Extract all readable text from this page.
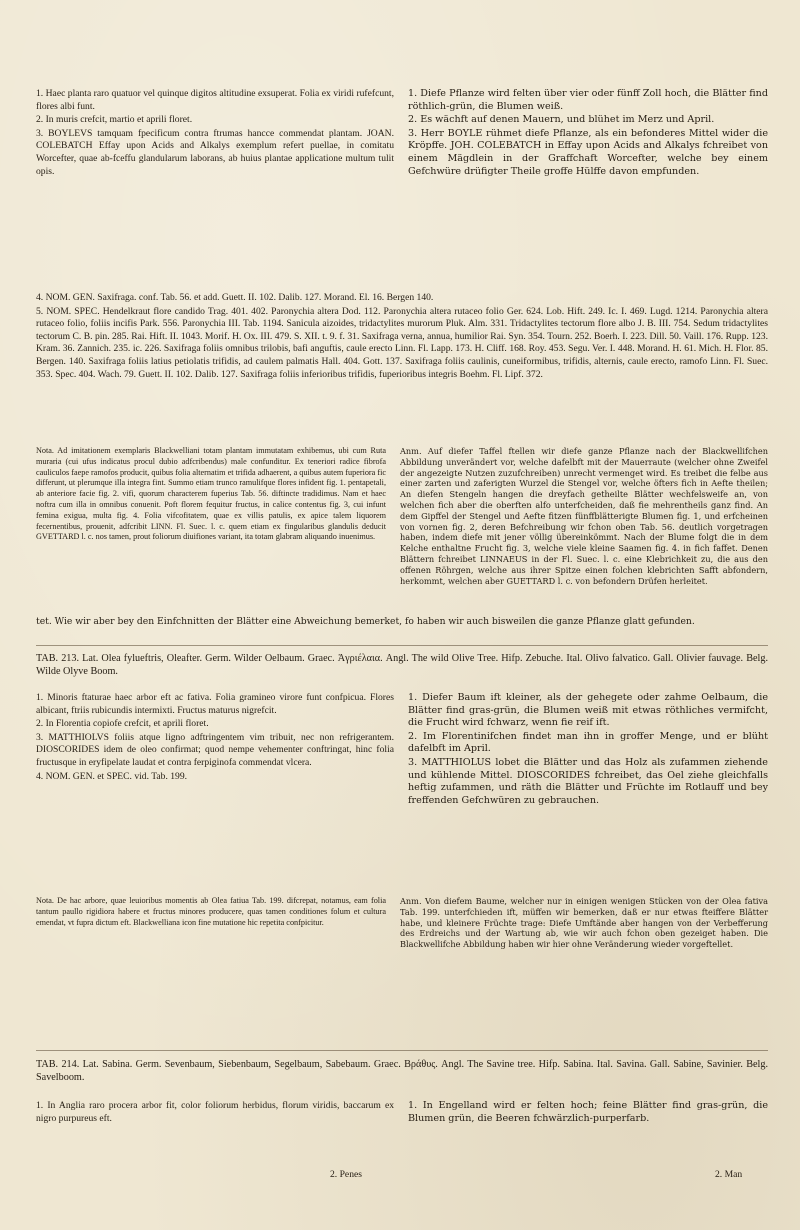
1. Haec planta raro quatuor vel quinque digitos altitudine exsuperat. Folia ex viridi rufefcunt, flores albi funt.

2. In muris crefcit, martio et aprili floret.

3. BOYLEVS tamquam fpecificum contra ftrumas hancce commendat plantam. JOAN. COLEBATCH Effay upon Acids and Alkalys exemplum refert puellae, in comitatu Worcefter, quae ab-fceffu glandularum laborans, ab huius plantae applicatione multum tulit opis.

1. Diefe Pflanze wird felten über vier oder fünff Zoll hoch, die Blätter find röthlich-grün, die Blumen weiß.

2. Es wächft auf denen Mauern, und blühet im Merz und April.

3. Herr BOYLE rühmet diefe Pflanze, als ein befonderes Mittel wider die Kröpffe. JOH. COLEBATCH in Effay upon Acids and Alkalys fchreibet von einem Mägdlein in der Graffchaft Worcefter, welche bey einem Gefchwüre drüfigter Theile groffe Hülffe davon empfunden.

4. NOM. GEN. Saxifraga. conf. Tab. 56. et add. Guett. II. 102. Dalib. 127. Morand. El. 16. Bergen 140.

5. NOM. SPEC. Hendelkraut flore candido Trag. 401. 402. Paronychia altera Dod. 112. Paronychia altera rutaceo folio Ger. 624. Lob. Hift. 249. Ic. I. 469. Lugd. 1214. Paronychia altera rutaceo folio, foliis incifis Park. 556. Paronychia III. Tab. 1194. Sanicula aizoides, tridactylites murorum Pluk. Alm. 331. Tridactylites tectorum flore albo J. B. III. 754. Sedum tridactylites tectorum C. B. pin. 285. Rai. Hift. II. 1043. Morif. H. Ox. III. 479. S. XII. t. 9. f. 31. Saxifraga verna, annua, humilior Rai. Syn. 354. Tourn. 252. Boerh. I. 223. Dill. 50. Vaill. 176. Rupp. 123. Kram. 36. Zannich. 235. ic. 226. Saxifraga foliis omnibus trilobis, bafi anguftis, caule erecto Linn. Fl. Lapp. 173. H. Cliff. 168. Roy. 453. Segu. Ver. I. 448. Morand. H. 61. Mich. H. Flor. 85. Bergen. 140. Saxifraga foliis latius petiolatis trifidis, ad caulem palmatis Hall. 404. Gott. 137. Saxifraga foliis caulinis, cuneiformibus, trifidis, alternis, caule erecto, ramofo Linn. Fl. Suec. 353. Spec. 404. Wach. 79. Guett. II. 102. Dalib. 127. Saxifraga foliis inferioribus trifidis, fuperioribus integris Boehm. Fl. Lipf. 372.

Nota. Ad imitationem exemplaris Blackwelliani totam plantam immutatam exhibemus, ubi cum Ruta muraria (cui ufus indicatus procul dubio adfcribendus) male confunditur. Ex teneriori radice fibrofa cauliculos faepe ramofos producit, quibus folia alternatim et trifida adhaerent, a quibus autem fuperiora fic differunt, ut plerumque illa integra fint. Summo etiam trunco ramulifque flores infident fig. 1. pentapetali, ab anteriore facie fig. 2. vifi, quorum characterem fuperius Tab. 56. diftincte tradidimus. Nam et haec noftra cum illa in omnibus conuenit. Poft florem fequitur fructus, in calice contentus fig. 3, cui infunt femina exigua, multa fig. 4. Folia vifcofitatem, quae ex villis patulis, ex apice talem liquorem fecernentibus, prouenit, adfcribit LINN. Fl. Suec. l. c. quem etiam ex fingularibus glandulis deducit GVETTARD l. c. nos tamen, prout foliorum diuifiones variant, ita totam glabram aliquando inuenimus.

Anm. Auf diefer Taffel ftellen wir diefe ganze Pflanze nach der Blackwellifchen Abbildung unverändert vor, welche dafelbft mit der Mauerraute (welcher ohne Zweifel der angezeigte Nutzen zuzufchreiben) unrecht vermenget wird. Es treibet die felbe aus einer zarten und zaferigten Wurzel die Stengel vor, welche öfters fich in Aefte theilen; An diefen Stengeln hangen die dreyfach getheilte Blätter wechfelsweife an, von welchen fich aber die oberften alfo unterfcheiden, daß fie mehrentheils ganz find. An dem Gipffel der Stengel und Aefte fitzen fünffblätterigte Blumen fig. 1, und erfcheinen von vornen fig. 2, deren Befchreibung wir fchon oben Tab. 56. deutlich vorgetragen haben, indem diefe mit jener völlig übereinkömmt. Nach der Blume folgt die in dem Kelche enthaltne Frucht fig. 3, welche viele kleine Saamen fig. 4. in fich faffet. Denen Blättern fchreibet LINNAEUS in der Fl. Suec. l. c. eine Klebrichkeit zu, die aus den offenen Röhrgen, welche aus ihrer Spitze einen folchen klebrichten Safft abfondern, herkommt, welchen aber GUETTARD l. c. von befondern Drüfen herleitet.

tet. Wie wir aber bey den Einfchnitten der Blätter eine Abweichung bemerket, fo haben wir auch bisweilen die ganze Pflanze glatt gefunden.

TAB. 213. Lat. Olea fylueftris, Oleafter. Germ. Wilder Oelbaum. Graec. Ἀγριέλαια. Angl. The wild Olive Tree. Hifp. Zebuche. Ital. Olivo falvatico. Gall. Olivier fauvage. Belg. Wilde Olyve Boom.

1. Minoris ftaturae haec arbor eft ac fativa. Folia gramineo virore funt confpicua. Flores albicant, ftriis rubicundis intermixti. Fructus maturus nigrefcit.

2. In Florentia copiofe crefcit, et aprili floret.

3. MATTHIOLVS foliis atque ligno adftringentem vim tribuit, nec non refrigerantem. DIOSCORIDES idem de oleo confirmat; quod nempe vehementer conftringat, hinc folia fructusque in eryfipelate laudat et contra ferpiginofa commendat vlcera.

4. NOM. GEN. et SPEC. vid. Tab. 199.

1. Diefer Baum ift kleiner, als der gehegete oder zahme Oelbaum, die Blätter find gras-grün, die Blumen weiß mit etwas röthliches vermifcht, die Frucht wird fchwarz, wenn fie reif ift.

2. Im Florentinifchen findet man ihn in groffer Menge, und er blüht dafelbft im April.

3. MATTHIOLUS lobet die Blätter und das Holz als zufammen ziehende und kühlende Mittel. DIOSCORIDES fchreibet, das Oel ziehe gleichfalls heftig zufammen, und räth die Blätter und Früchte im Rotlauff und bey freffenden Gefchwüren zu gebrauchen.

Nota. De hac arbore, quae leuioribus momentis ab Olea fatiua Tab. 199. difcrepat, notamus, eam folia tantum paullo rigidiora habere et fructus minores producere, quas tamen conditiones folum et cultura emendat, vt fupra dictum eft. Blackwelliana icon fine mutatione hic repetita confpicitur.

Anm. Von diefem Baume, welcher nur in einigen wenigen Stücken von der Olea fativa Tab. 199. unterfchieden ift, müffen wir bemerken, daß er nur etwas fteiffere Blätter habe, und kleinere Früchte trage: Diefe Umftände aber hangen von der Verbefferung des Erdreichs und der Wartung ab, wie wir auch fchon oben gezeiget haben. Die Blackwellifche Abbildung haben wir hier ohne Veränderung wieder vorgeftellet.

TAB. 214. Lat. Sabina. Germ. Sevenbaum, Siebenbaum, Segelbaum, Sabebaum. Graec. Βράθυς. Angl. The Savine tree. Hifp. Sabina. Ital. Savina. Gall. Sabine, Savinier. Belg. Savelboom.

1. In Anglia raro procera arbor fit, color foliorum herbidus, florum viridis, baccarum ex nigro purpureus eft.

1. In Engelland wird er felten hoch; feine Blätter find gras-grün, die Blumen grün, die Beeren fchwärzlich-purperfarb.

2. Penes	2. Man
